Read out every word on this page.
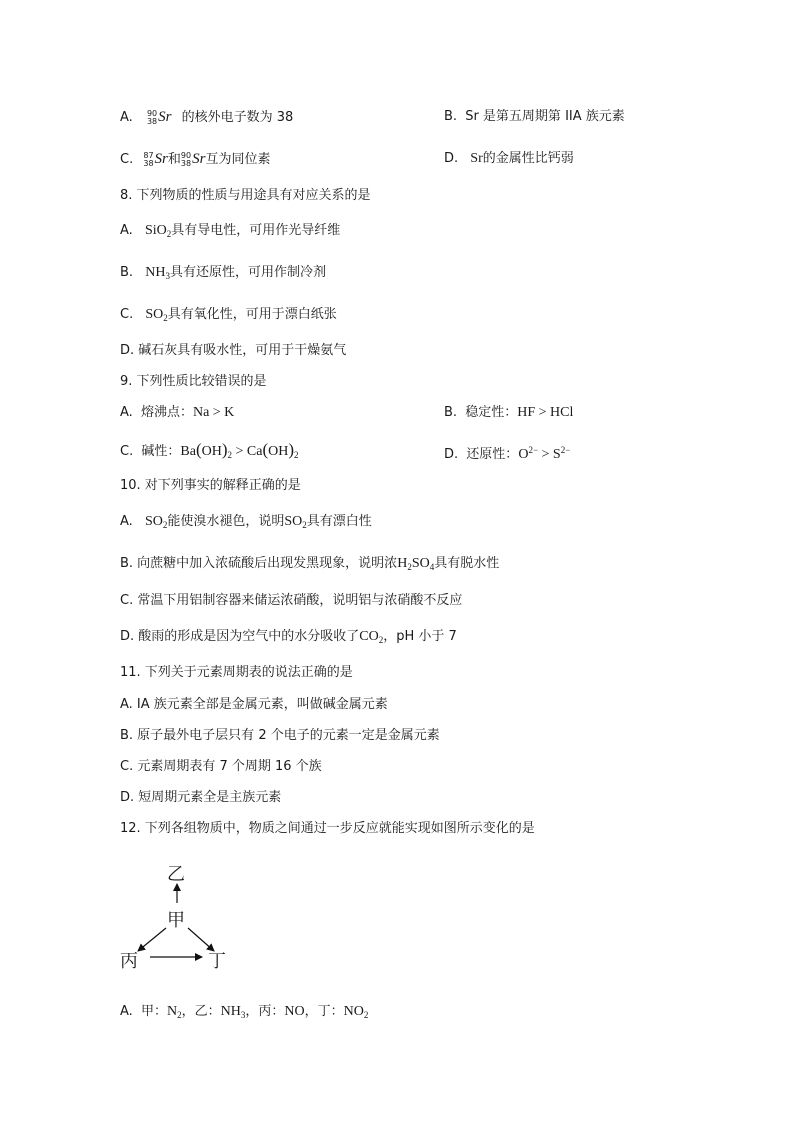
A. 90
38 Sr 的核外电子数为 38	B. Sr 是第五周期第 IIA 族元素
C. 87
38 Sr和 90
38 Sr互为同位素	D. Sr的金属性比钙弱
8. 下列物质的性质与用途具有对应关系的是
A. SiO$_2$具有导电性，可用作光导纤维
B. $NH_3$具有还原性，可用作制冷剂
C. $SO_2$具有氧化性，可用于漂白纸张
D. 碱石灰具有吸水性，可用于干燥氨气
9. 下列性质比较错误的是
A. 熔沸点：Na > K	B. 稳定性：HF > HCl
C. 碱性：$Ba(OH)_2 > Ca(OH)_2$	D. 还原性：$O^{2-} > S^{2-}$
10. 对下列事实的解释正确的是
A. $SO_2$能使溴水褪色，说明$SO_2$具有漂白性
B. 向蔗糖中加入浓硫酸后出现发黑现象，说明浓$H_2SO_4$具有脱水性
C. 常温下用铝制容器来储运浓硝酸，说明铝与浓硝酸不反应
D. 酸雨的形成是因为空气中的水分吸收了$CO_2$，pH 小于 7
11. 下列关于元素周期表的说法正确的是
A. IA 族元素全部是金属元素，叫做碱金属元素
B. 原子最外电子层只有 2 个电子的元素一定是金属元素
C. 元素周期表有 7 个周期 16 个族
D. 短周期元素全是主族元素
12. 下列各组物质中，物质之间通过一步反应就能实现如图所示变化的是
乙
甲
丙	丁
A. 甲：$N_2$，乙：$NH_3$，丙：NO，丁：$NO_2$
